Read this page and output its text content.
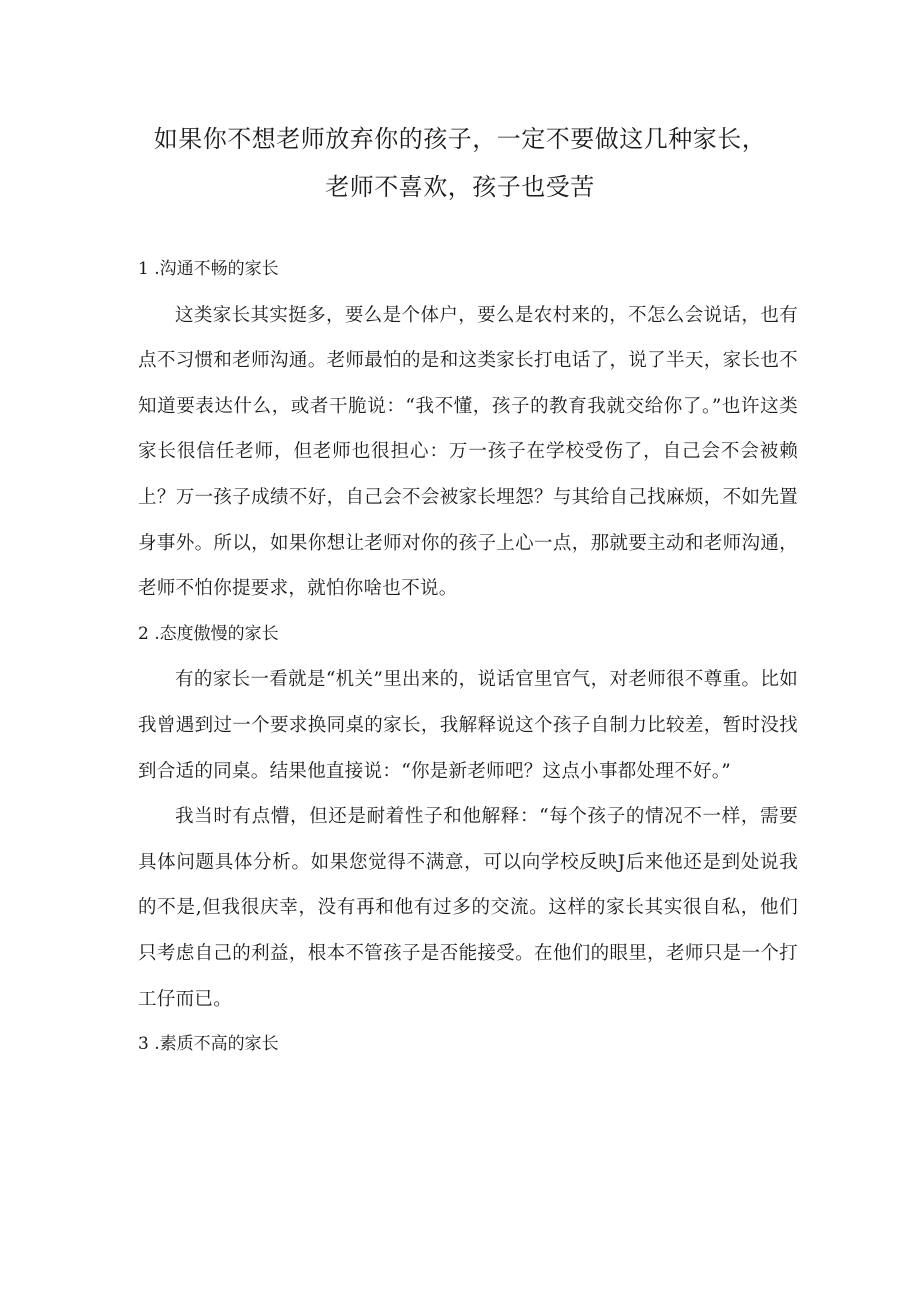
如果你不想老师放弃你的孩子，一定不要做这几种家长，
老师不喜欢，孩子也受苦
1 .沟通不畅的家长

这类家长其实挺多，要么是个体户，要么是农村来的，不怎么会说话，也有点不习惯和老师沟通。老师最怕的是和这类家长打电话了，说了半天，家长也不知道要表达什么，或者干脆说：“我不懂，孩子的教育我就交给你了。”也许这类家长很信任老师，但老师也很担心：万一孩子在学校受伤了，自己会不会被赖上？万一孩子成绩不好，自己会不会被家长埋怨？与其给自己找麻烦，不如先置身事外。所以，如果你想让老师对你的孩子上心一点，那就要主动和老师沟通，老师不怕你提要求，就怕你啥也不说。

2 .态度傲慢的家长

有的家长一看就是“机关”里出来的，说话官里官气，对老师很不尊重。比如我曾遇到过一个要求换同桌的家长，我解释说这个孩子自制力比较差，暂时没找到合适的同桌。结果他直接说：“你是新老师吧？这点小事都处理不好。”

我当时有点懵，但还是耐着性子和他解释：“每个孩子的情况不一样，需要具体问题具体分析。如果您觉得不满意，可以向学校反映J后来他还是到处说我的不是,但我很庆幸，没有再和他有过多的交流。这样的家长其实很自私，他们只考虑自己的利益，根本不管孩子是否能接受。在他们的眼里，老师只是一个打工仔而已。

3 .素质不高的家长
